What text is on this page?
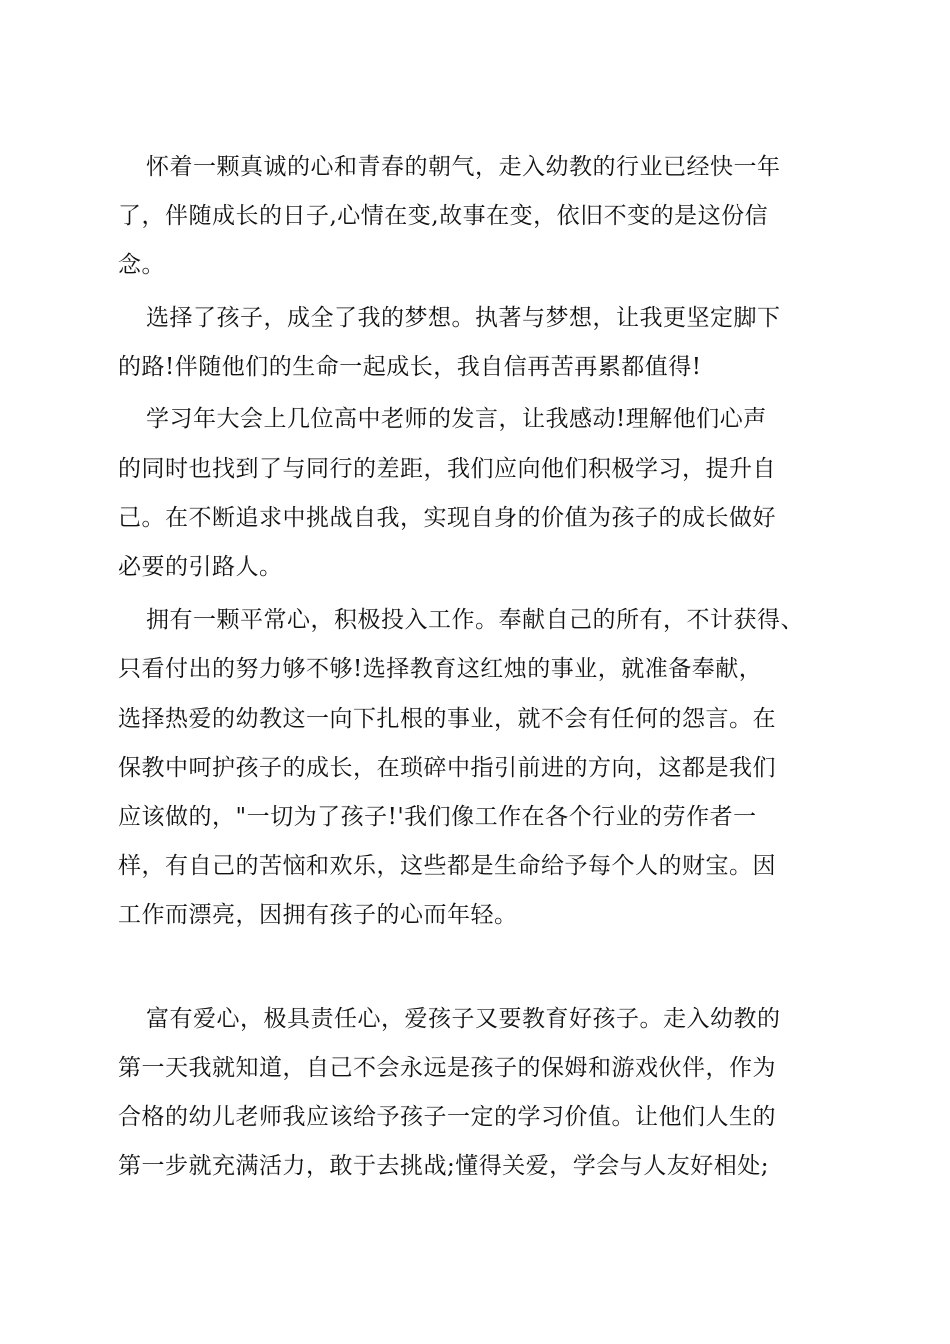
怀着一颗真诚的心和青春的朝气，走入幼教的行业已经快一年
了，伴随成长的日子,心情在变,故事在变，依旧不变的是这份信
念。
选择了孩子，成全了我的梦想。执著与梦想，让我更坚定脚下
的路!伴随他们的生命一起成长，我自信再苦再累都值得!
学习年大会上几位高中老师的发言，让我感动!理解他们心声
的同时也找到了与同行的差距，我们应向他们积极学习，提升自
己。在不断追求中挑战自我，实现自身的价值为孩子的成长做好
必要的引路人。
拥有一颗平常心，积极投入工作。奉献自己的所有，不计获得、
只看付出的努力够不够!选择教育这红烛的事业，就准备奉献，
选择热爱的幼教这一向下扎根的事业，就不会有任何的怨言。在
保教中呵护孩子的成长，在琐碎中指引前进的方向，这都是我们
应该做的，"一切为了孩子!'我们像工作在各个行业的劳作者一
样，有自己的苦恼和欢乐，这些都是生命给予每个人的财宝。因
工作而漂亮，因拥有孩子的心而年轻。
富有爱心，极具责任心，爱孩子又要教育好孩子。走入幼教的
第一天我就知道，自己不会永远是孩子的保姆和游戏伙伴，作为
合格的幼儿老师我应该给予孩子一定的学习价值。让他们人生的
第一步就充满活力，敢于去挑战;懂得关爱，学会与人友好相处;
